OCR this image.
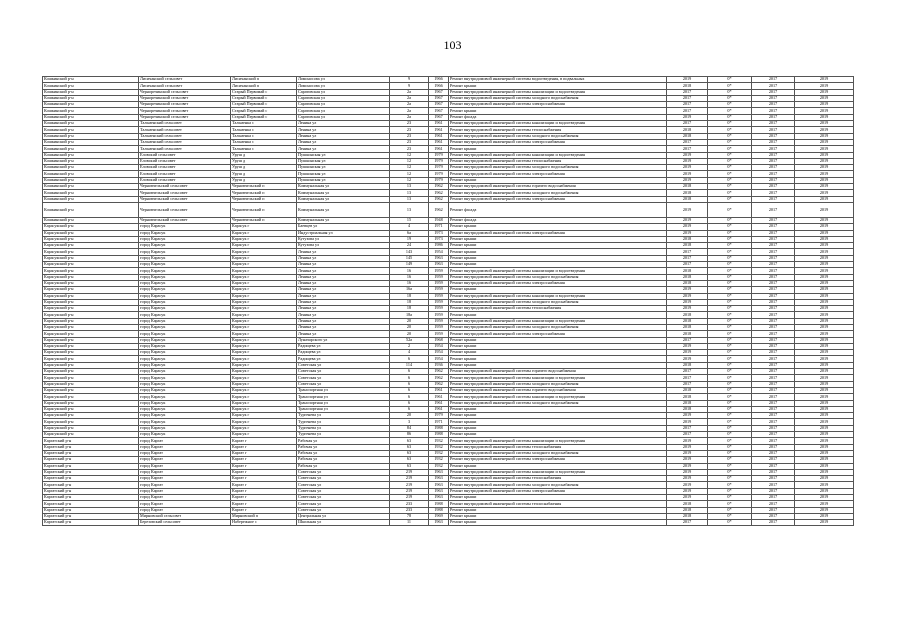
103
Кошкинский р-н	Лисичанский сельсовет	Лисичанский п	Ломоносова ул	9	1966	Ремонт внутридомовой инженерной системы водоотведения, в подвальных	2019	0*	2017	2019
Кошкинский р-н	Лисичанский сельсовет	Лисичанский п	Ломоносова ул	9	1966	Ремонт крыши	2018	0*	2017	2019
Кошкинский р-н	Черноречинский сельсовет	Старый Первомай с	Саратовская ул	2а	1967	Ремонт внутридомовой инженерной системы канализации и водоотведения	2017	0*	2017	2019
Кошкинский р-н	Черноречинский сельсовет	Старый Первомай с	Саратовская ул	2а	1967	Ремонт внутридомовой инженерной системы холодного водоснабжения	2017	0*	2017	2019
Кошкинский р-н	Черноречинский сельсовет	Старый Первомай с	Саратовская ул	2а	1967	Ремонт внутридомовой инженерной системы электроснабжения	2017	0*	2017	2019
Кошкинский р-н	Черноречинский сельсовет	Старый Первомай с	Саратовская ул	2а	1967	Ремонт крыши	2017	0*	2017	2019
Кошкинский р-н	Черноречинский сельсовет	Старый Первомай с	Саратовская ул	2а	1967	Ремонт фасада	2019	0*	2017	2019
Кошкинский р-н	Тальменский сельсовет	Тальменка с	Ленина ул	23	1961	Ремонт внутридомовой инженерной системы канализации и водоотведения	2017	0*	2017	2019
Кошкинский р-н	Тальменский сельсовет	Тальменка с	Ленина ул	23	1961	Ремонт внутридомовой инженерной системы теплоснабжения	2018	0*	2017	2019
Кошкинский р-н	Тальменский сельсовет	Тальменка с	Ленина ул	23	1961	Ремонт внутридомовой инженерной системы холодного водоснабжения	2018	0*	2017	2019
Кошкинский р-н	Тальменский сельсовет	Тальменка с	Ленина ул	23	1961	Ремонт внутридомовой инженерной системы электроснабжения	2017	0*	2017	2019
Кошкинский р-н	Тальменский сельсовет	Тальменка с	Ленина ул	23	1961	Ремонт крыши	2017	0*	2017	2019
Кошкинский р-н	Еловский сельсовет	Уруш д	Пушкинская ул	12	1979	Ремонт внутридомовой инженерной системы канализации и водоотведения	2019	0*	2017	2019
Кошкинский р-н	Еловский сельсовет	Уруш д	Пушкинская ул	12	1979	Ремонт внутридомовой инженерной системы теплоснабжения	2019	0*	2017	2019
Кошкинский р-н	Еловский сельсовет	Уруш д	Пушкинская ул	12	1979	Ремонт внутридомовой инженерной системы холодного водоснабжения	2019	0*	2017	2019
Кошкинский р-н	Еловский сельсовет	Уруш д	Пушкинская ул	12	1979	Ремонт внутридомовой инженерной системы электроснабжения	2019	0*	2017	2019
Кошкинский р-н	Еловский сельсовет	Уруш д	Пушкинская ул	12	1979	Ремонт крыши	2019	0*	2017	2019
Кошкинский р-н	Черновчельский сельсовет	Черновчельский п	Коммунальная ул	13	1962	Ремонт внутридомовой инженерной системы горячего водоснабжения	2018	0*	2017	2019
Кошкинский р-н	Черновчельский сельсовет	Черновчельский п	Коммунальная ул	13	1962	Ремонт внутридомовой инженерной системы холодного водоснабжения	2018	0*	2017	2019
Кошкинский р-н	Черновчельский сельсовет	Черновчельский п	Коммунальная ул	13	1962	Ремонт внутридомовой инженерной системы электроснабжения	2018	0*	2017	2019
Кошкинский р-н	Черновчельский сельсовет	Черновчельский п	Коммунальная ул	13	1962	Ремонт фасада	2019	0*	2017	2019
Кошкинский р-н	Черновчельский сельсовет	Черновчельский п	Коммунальная ул	15	1948	Ремонт фасада	2019	0*	2017	2019
Карасукский р-н	город Карасук	Карасук г	Баевцев ул	4	1971	Ремонт крыши	2019	0*	2017	2019
Карасукский р-н	город Карасук	Карасук г	Индустриальная ул	6а	1973	Ремонт внутридомовой инженерной системы электроснабжения	2019	0*	2017	2019
Карасукский р-н	город Карасук	Карасук г	Кутузова ул	19	1973	Ремонт крыши	2018	0*	2017	2019
Карасукский р-н	город Карасук	Карасук г	Кутузова ул	24	1986	Ремонт крыши	2018	0*	2017	2019
Карасукский р-н	город Карасук	Карасук г	Ленина ул	143	1954	Ремонт крыши	2017	0*	2017	2019
Карасукский р-н	город Карасук	Карасук г	Ленина ул	145	1963	Ремонт крыши	2017	0*	2017	2019
Карасукский р-н	город Карасук	Карасук г	Ленина ул	149	1963	Ремонт крыши	2017	0*	2017	2019
Карасукский р-н	город Карасук	Карасук г	Ленина ул	16	1959	Ремонт внутридомовой инженерной системы канализации и водоотведения	2018	0*	2017	2019
Карасукский р-н	город Карасук	Карасук г	Ленина ул	16	1959	Ремонт внутридомовой инженерной системы холодного водоснабжения	2018	0*	2017	2019
Карасукский р-н	город Карасук	Карасук г	Ленина ул	16	1959	Ремонт внутридомовой инженерной системы электроснабжения	2018	0*	2017	2019
Карасукский р-н	город Карасук	Карасук г	Ленина ул	16а	1959	Ремонт крыши	2019	0*	2017	2019
Карасукский р-н	город Карасук	Карасук г	Ленина ул	18	1959	Ремонт внутридомовой инженерной системы канализации и водоотведения	2019	0*	2017	2019
Карасукский р-н	город Карасук	Карасук г	Ленина ул	18	1959	Ремонт внутридомовой инженерной системы холодного водоснабжения	2019	0*	2017	2019
Карасукский р-н	город Карасук	Карасук г	Ленина ул	18	1959	Ремонт внутридомовой инженерной системы теплоснабжения	2019	0*	2017	2019
Карасукский р-н	город Карасук	Карасук г	Ленина ул	18а	1959	Ремонт крыши	2018	0*	2017	2019
Карасукский р-н	город Карасук	Карасук г	Ленина ул	20	1959	Ремонт внутридомовой инженерной системы канализации и водоотведения	2018	0*	2017	2019
Карасукский р-н	город Карасук	Карасук г	Ленина ул	20	1959	Ремонт внутридомовой инженерной системы холодного водоснабжения	2018	0*	2017	2019
Карасукский р-н	город Карасук	Карасук г	Ленина ул	20	1959	Ремонт внутридомовой инженерной системы электроснабжения	2018	0*	2017	2019
Карасукский р-н	город Карасук	Карасук г	Луначарского ул	52а	1968	Ремонт крыши	2017	0*	2017	2019
Карасукский р-н	город Карасук	Карасук г	Радищева ул	2	1954	Ремонт крыши	2019	0*	2017	2019
Карасукский р-н	город Карасук	Карасук г	Радищева ул	4	1954	Ремонт крыши	2019	0*	2017	2019
Карасукский р-н	город Карасук	Карасук г	Радищева ул	6	1954	Ремонт крыши	2019	0*	2017	2019
Карасукский р-н	город Карасук	Карасук г	Советская ул	114	1936	Ремонт крыши	2018	0*	2017	2019
Карасукский р-н	город Карасук	Карасук г	Советская ул	6	1962	Ремонт внутридомовой инженерной системы горячего водоснабжения	2017	0*	2017	2019
Карасукский р-н	город Карасук	Карасук г	Советская ул	6	1962	Ремонт внутридомовой инженерной системы канализации и водоотведения	2017	0*	2017	2019
Карасукский р-н	город Карасук	Карасук г	Советская ул	6	1962	Ремонт внутридомовой инженерной системы холодного водоснабжения	2017	0*	2017	2019
Карасукский р-н	город Карасук	Карасук г	Транспортная ул	6	1961	Ремонт внутридомовой инженерной системы горячего водоснабжения	2018	0*	2017	2019
Карасукский р-н	город Карасук	Карасук г	Транспортная ул	6	1961	Ремонт внутридомовой инженерной системы канализации и водоотведения	2018	0*	2017	2019
Карасукский р-н	город Карасук	Карасук г	Транспортная ул	6	1961	Ремонт внутридомовой инженерной системы холодного водоснабжения	2018	0*	2017	2019
Карасукский р-н	город Карасук	Карасук г	Транспортная ул	6	1961	Ремонт крыши	2018	0*	2017	2019
Карасукский р-н	город Карасук	Карасук г	Тургенева ул	20	1979	Ремонт крыши	2019	0*	2017	2019
Карасукский р-н	город Карасук	Карасук г	Тургенева ул	3	1971	Ремонт крыши	2019	0*	2017	2019
Карасукский р-н	город Карасук	Карасук г	Тургенева ул	84	1988	Ремонт крыши	2017	0*	2017	2019
Карасукский р-н	город Карасук	Карасук г	Тургенева ул	86	1988	Ремонт крыши	2017	0*	2017	2019
Каргатский р-н	город Каргат	Каргат г	Рабочая ул	63	1932	Ремонт внутридомовой инженерной системы канализации и водоотведения	2019	0*	2017	2019
Каргатский р-н	город Каргат	Каргат г	Рабочая ул	63	1932	Ремонт внутридомовой инженерной системы теплоснабжения	2019	0*	2017	2019
Каргатский р-н	город Каргат	Каргат г	Рабочая ул	63	1932	Ремонт внутридомовой инженерной системы холодного водоснабжения	2019	0*	2017	2019
Каргатский р-н	город Каргат	Каргат г	Рабочая ул	63	1932	Ремонт внутридомовой инженерной системы электроснабжения	2019	0*	2017	2019
Каргатский р-н	город Каргат	Каргат г	Рабочая ул	63	1932	Ремонт крыши	2019	0*	2017	2019
Каргатский р-н	город Каргат	Каргат г	Советская ул	219	1963	Ремонт внутридомовой инженерной системы канализации и водоотведения	2019	0*	2017	2019
Каргатский р-н	город Каргат	Каргат г	Советская ул	219	1963	Ремонт внутридомовой инженерной системы теплоснабжения	2019	0*	2017	2019
Каргатский р-н	город Каргат	Каргат г	Советская ул	219	1963	Ремонт внутридомовой инженерной системы холодного водоснабжения	2019	0*	2017	2019
Каргатский р-н	город Каргат	Каргат г	Советская ул	219	1963	Ремонт внутридомовой инженерной системы электроснабжения	2019	0*	2017	2019
Каргатский р-н	город Каргат	Каргат г	Советская ул	219	1963	Ремонт крыши	2019	0*	2017	2019
Каргатский р-н	город Каргат	Каргат г	Советская ул	233	1988	Ремонт внутридомовой инженерной системы теплоснабжения	2018	0*	2017	2019
Каргатский р-н	город Каргат	Каргат г	Советская ул	233	1988	Ремонт крыши	2018	0*	2017	2019
Каргатский р-н	Мирновский сельсовет	Мирновский п	Центральная ул	78	1969	Ремонт крыши	2018	0*	2017	2019
Каргатский р-н	Березовский сельсовет	Набережное с	Школьная ул	11	1963	Ремонт крыши	2017	0*	2017	2019
